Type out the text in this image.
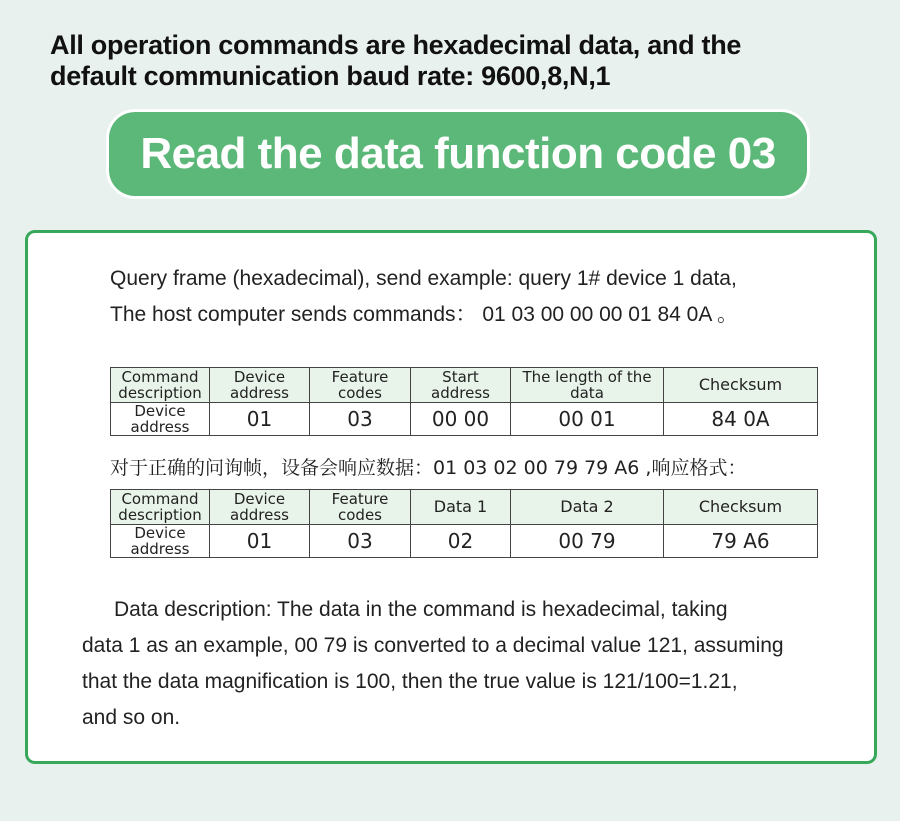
All operation commands are hexadecimal data, and the
default communication baud rate: 9600,8,N,1
Read the data function code 03
Query frame (hexadecimal), send example: query 1# device 1 data,
The host computer sends commands： 01 03 00 00 00 01 84 0A 。
Command description	Device address	Feature codes	Start address	The length of the data	Checksum
Device address	01	03	00 00	00 01	84 0A
对于正确的问询帧，设备会响应数据：01 03 02 00 79 79 A6 ,响应格式：
Command description	Device address	Feature codes	Data 1	Data 2	Checksum
Device address	01	03	02	00 79	79 A6
Data description: The data in the command is hexadecimal, taking
data 1 as an example, 00 79 is converted to a decimal value 121, assuming
that the data magnification is 100, then the true value is 121/100=1.21,
and so on.
